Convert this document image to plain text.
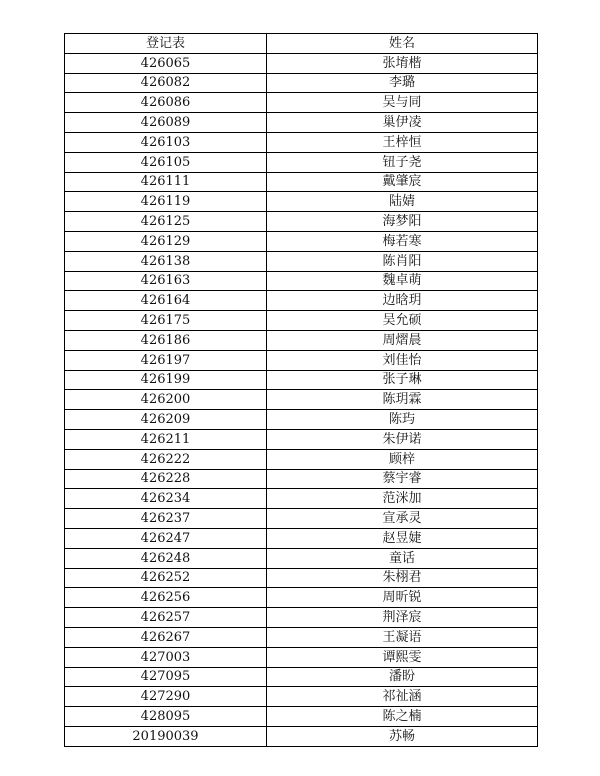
登记表	姓名
426065	张堉楷
426082	李璐
426086	吴与同
426089	巢伊凌
426103	王梓恒
426105	钮子尧
426111	戴肇宸
426119	陆婧
426125	海梦阳
426129	梅若寒
426138	陈肖阳
426163	魏卓萌
426164	边晗玥
426175	吴允硕
426186	周熠晨
426197	刘佳怡
426199	张子琳
426200	陈玥霖
426209	陈玙
426211	朱伊诺
426222	顾梓
426228	蔡宇睿
426234	范洣加
426237	宣承灵
426247	赵昱婕
426248	童话
426252	朱栩君
426256	周昕锐
426257	荆泽宸
426267	王凝语
427003	谭熙雯
427095	潘盼
427290	祁祉涵
428095	陈之楠
20190039	苏畅
